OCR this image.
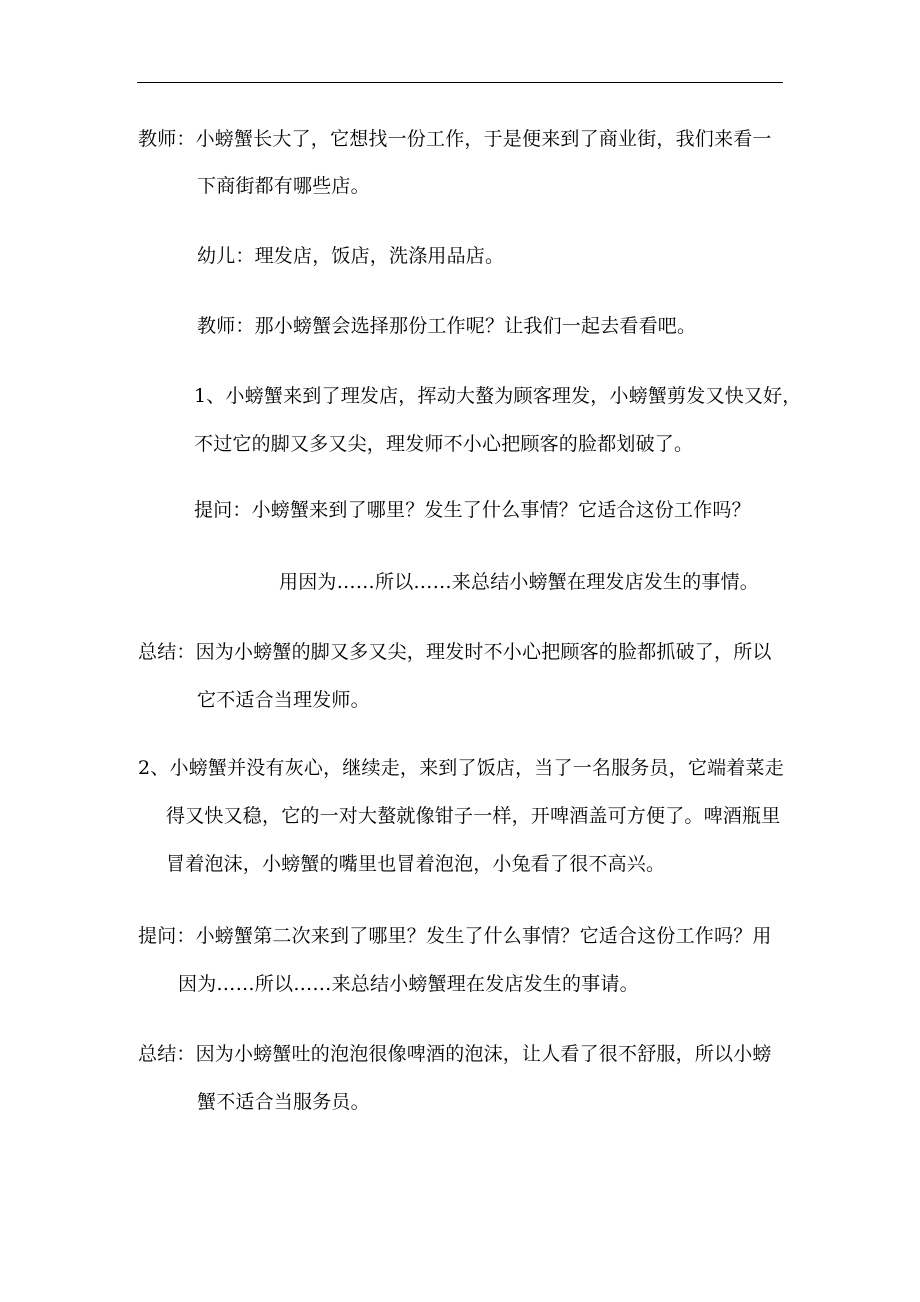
教师：小螃蟹长大了，它想找一份工作，于是便来到了商业街，我们来看一
下商街都有哪些店。
幼儿：理发店，饭店，洗涤用品店。
教师：那小螃蟹会选择那份工作呢？让我们一起去看看吧。
1、小螃蟹来到了理发店，挥动大螯为顾客理发，小螃蟹剪发又快又好，
不过它的脚又多又尖，理发师不小心把顾客的脸都划破了。
提问：小螃蟹来到了哪里？发生了什么事情？它适合这份工作吗？
用因为……所以……来总结小螃蟹在理发店发生的事情。
总结：因为小螃蟹的脚又多又尖，理发时不小心把顾客的脸都抓破了，所以
它不适合当理发师。
2、小螃蟹并没有灰心，继续走，来到了饭店，当了一名服务员，它端着菜走
得又快又稳，它的一对大螯就像钳子一样，开啤酒盖可方便了。啤酒瓶里
冒着泡沫，小螃蟹的嘴里也冒着泡泡，小兔看了很不高兴。
提问：小螃蟹第二次来到了哪里？发生了什么事情？它适合这份工作吗？用
因为……所以……来总结小螃蟹理在发店发生的事请。
总结：因为小螃蟹吐的泡泡很像啤酒的泡沫，让人看了很不舒服，所以小螃
蟹不适合当服务员。
